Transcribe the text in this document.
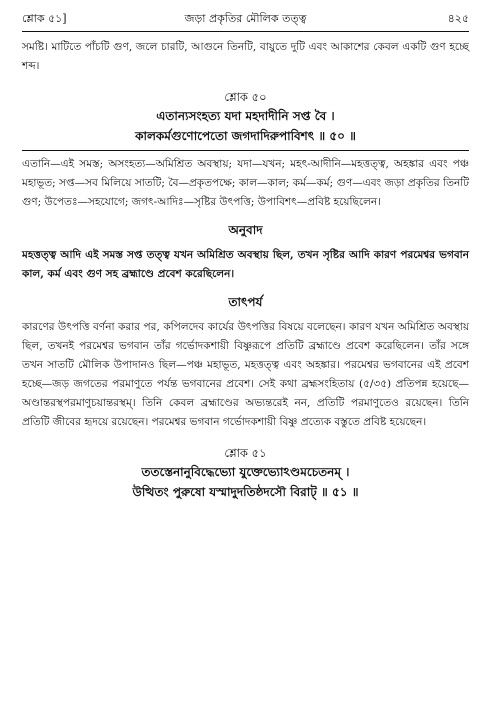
শ্লোক ৫১]	জড়া প্রকৃতির মৌলিক তত্ত্ব	৪২৫

সমষ্টি। মাটিতে পাঁচটি গুণ, জলে চারটি, আগুনে তিনটি, বায়ুতে দুটি এবং আকাশের কেবল একটি গুণ হচ্ছে শব্দ।

শ্লোক ৫০

এতান্যসংহত্য যদা মহদাদীনি সপ্ত বৈ ।

কালকর্মগুণোপেতো জগদাদিরুপাবিশৎ ॥ ৫০ ॥

এতানি—এই সমস্ত; অসংহত্য—অমিশ্রিত অবস্থায়; যদা—যখন; মহৎ-আদীনি—মহত্তত্ত্ব, অহঙ্কার এবং পঞ্চ মহাভূত; সপ্ত—সব মিলিয়ে সাতটি; বৈ—প্রকৃতপক্ষে; কাল—কাল; কর্ম—কর্ম; গুণ—এবং জড়া প্রকৃতির তিনটি গুণ; উপেতঃ—সহযোগে; জগৎ-আদিঃ—সৃষ্টির উৎপত্তি; উপাবিশৎ—প্রবিষ্ট হয়েছিলেন।

অনুবাদ

মহত্তত্ত্ব আদি এই সমস্ত সপ্ত তত্ত্ব যখন অমিশ্রিত অবস্থায় ছিল, তখন সৃষ্টির আদি কারণ পরমেশ্বর ভগবান কাল, কর্ম এবং গুণ সহ ব্রহ্মাণ্ডে প্রবেশ করেছিলেন।

তাৎপর্য

কারণের উৎপত্তি বর্ণনা করার পর, কপিলদেব কার্যের উৎপত্তির বিষয়ে বলেছেন। কারণ যখন অমিশ্রিত অবস্থায় ছিল, তখনই পরমেশ্বর ভগবান তাঁর গর্ভোদকশায়ী বিষ্ণুরূপে প্রতিটি ব্রহ্মাণ্ডে প্রবেশ করেছিলেন। তাঁর সঙ্গে তখন সাতটি মৌলিক উপাদানও ছিল—পঞ্চ মহাভূত, মহত্তত্ত্ব এবং অহঙ্কার। পরমেশ্বর ভগবানের এই প্রবেশ হচ্ছে—জড় জগতের পরমাণুতে পর্যন্ত ভগবানের প্রবেশ। সেই কথা ব্রহ্মসংহিতায় (৫/৩৫) প্রতিপন্ন হয়েছে—অণ্ডান্তরস্থপরমাণুচয়ান্তরস্থম্। তিনি কেবল ব্রহ্মাণ্ডের অভ্যন্তরেই নন, প্রতিটি পরমাণুতেও রয়েছেন। তিনি প্রতিটি জীবের হৃদয়ে রয়েছেন। পরমেশ্বর ভগবান গর্ভোদকশায়ী বিষ্ণু প্রত্যেক বস্তুতে প্রবিষ্ট হয়েছেন।

শ্লোক ৫১

ততস্তেনানুবিদ্ধেভ্যো যুক্তেভ্যোঽণ্ডমচেতনম্ ।

উত্থিতং পুরুষো যস্মাদুদতিষ্ঠদসৌ বিরাট্ ॥ ৫১ ॥
